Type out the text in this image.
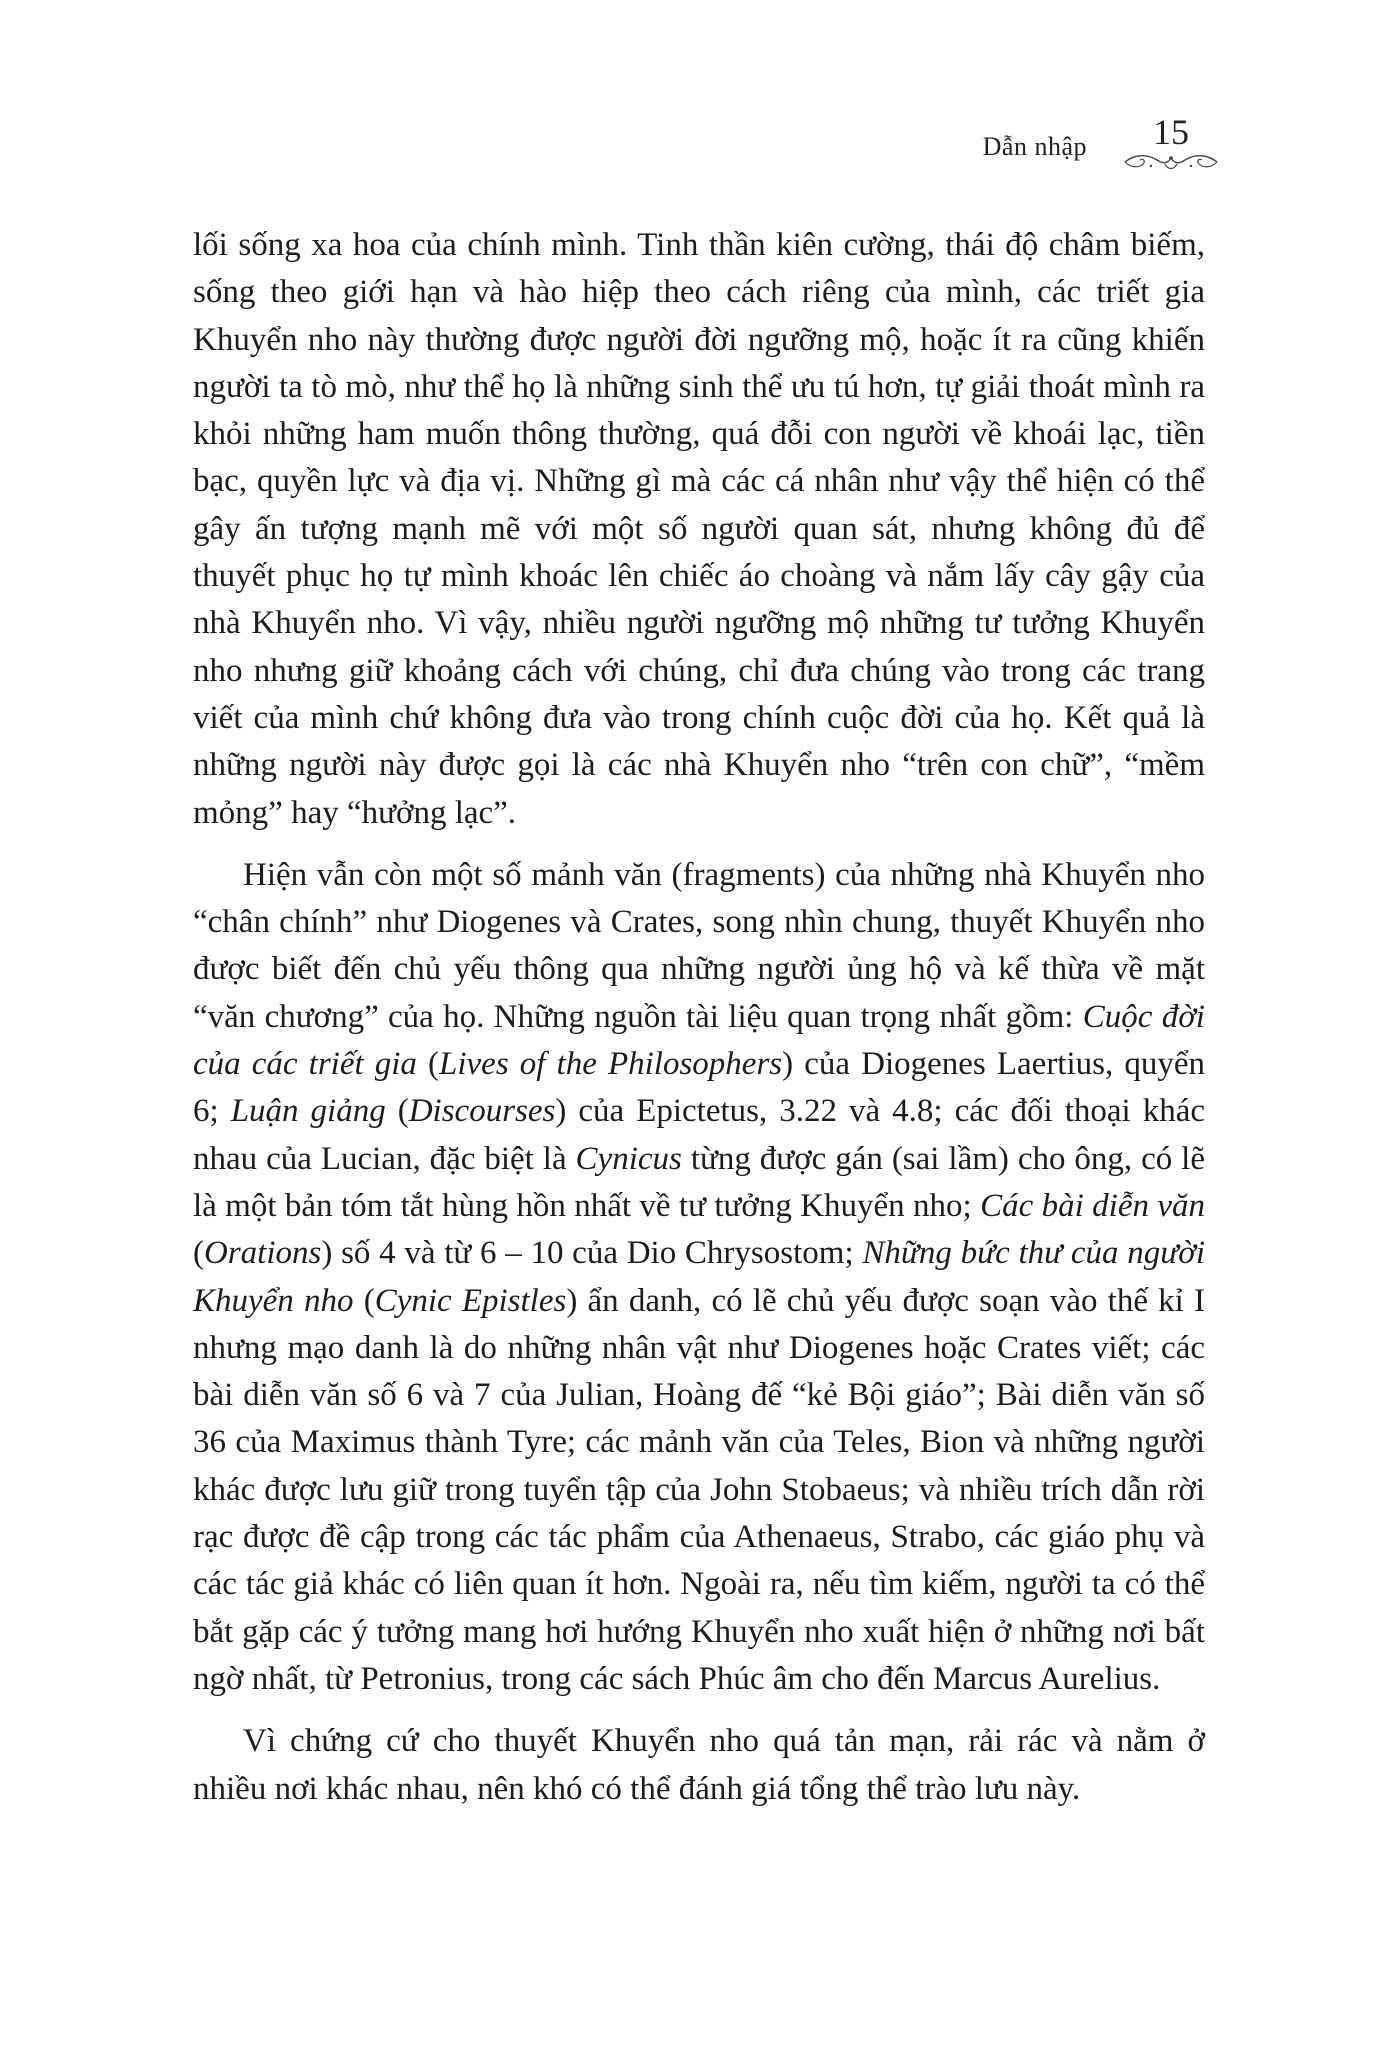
Dẫn nhập	15

lối sống xa hoa của chính mình. Tinh thần kiên cường, thái độ châm biếm, sống theo giới hạn và hào hiệp theo cách riêng của mình, các triết gia Khuyển nho này thường được người đời ngưỡng mộ, hoặc ít ra cũng khiến người ta tò mò, như thể họ là những sinh thể ưu tú hơn, tự giải thoát mình ra khỏi những ham muốn thông thường, quá đỗi con người về khoái lạc, tiền bạc, quyền lực và địa vị. Những gì mà các cá nhân như vậy thể hiện có thể gây ấn tượng mạnh mẽ với một số người quan sát, nhưng không đủ để thuyết phục họ tự mình khoác lên chiếc áo choàng và nắm lấy cây gậy của nhà Khuyển nho. Vì vậy, nhiều người ngưỡng mộ những tư tưởng Khuyển nho nhưng giữ khoảng cách với chúng, chỉ đưa chúng vào trong các trang viết của mình chứ không đưa vào trong chính cuộc đời của họ. Kết quả là những người này được gọi là các nhà Khuyển nho “trên con chữ”, “mềm mỏng” hay “hưởng lạc”.

Hiện vẫn còn một số mảnh văn (fragments) của những nhà Khuyển nho “chân chính” như Diogenes và Crates, song nhìn chung, thuyết Khuyển nho được biết đến chủ yếu thông qua những người ủng hộ và kế thừa về mặt “văn chương” của họ. Những nguồn tài liệu quan trọng nhất gồm: Cuộc đời của các triết gia (Lives of the Philosophers) của Diogenes Laertius, quyển 6; Luận giảng (Discourses) của Epictetus, 3.22 và 4.8; các đối thoại khác nhau của Lucian, đặc biệt là Cynicus từng được gán (sai lầm) cho ông, có lẽ là một bản tóm tắt hùng hồn nhất về tư tưởng Khuyển nho; Các bài diễn văn (Orations) số 4 và từ 6 – 10 của Dio Chrysostom; Những bức thư của người Khuyển nho (Cynic Epistles) ẩn danh, có lẽ chủ yếu được soạn vào thế kỉ I nhưng mạo danh là do những nhân vật như Diogenes hoặc Crates viết; các bài diễn văn số 6 và 7 của Julian, Hoàng đế “kẻ Bội giáo”; Bài diễn văn số 36 của Maximus thành Tyre; các mảnh văn của Teles, Bion và những người khác được lưu giữ trong tuyển tập của John Stobaeus; và nhiều trích dẫn rời rạc được đề cập trong các tác phẩm của Athenaeus, Strabo, các giáo phụ và các tác giả khác có liên quan ít hơn. Ngoài ra, nếu tìm kiếm, người ta có thể bắt gặp các ý tưởng mang hơi hướng Khuyển nho xuất hiện ở những nơi bất ngờ nhất, từ Petronius, trong các sách Phúc âm cho đến Marcus Aurelius.

Vì chứng cứ cho thuyết Khuyển nho quá tản mạn, rải rác và nằm ở nhiều nơi khác nhau, nên khó có thể đánh giá tổng thể trào lưu này.
